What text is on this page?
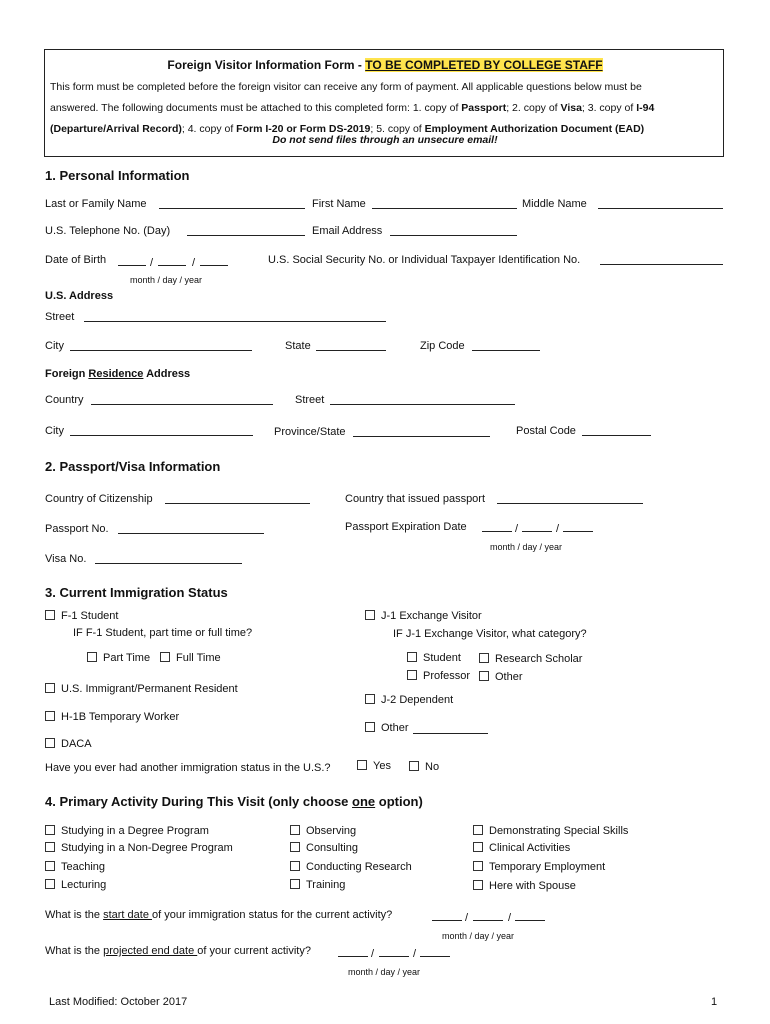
Foreign Visitor Information Form - TO BE COMPLETED BY COLLEGE STAFF
This form must be completed before the foreign visitor can receive any form of payment. All applicable questions below must be
answered. The following documents must be attached to this completed form: 1. copy of Passport; 2. copy of Visa; 3. copy of I-94
(Departure/Arrival Record); 4. copy of Form I-20 or Form DS-2019; 5. copy of Employment Authorization Document (EAD)
Do not send files through an unsecure email!
1. Personal Information
Last or Family Name	First Name	Middle Name
U.S. Telephone No. (Day)	Email Address
Date of Birth	/	/
month / day / year
U.S. Social Security No. or Individual Taxpayer Identification No.
U.S. Address
Street
City	State	Zip Code
Foreign Residence Address
Country	Street
City	Province/State	Postal Code
2. Passport/Visa Information
Country of Citizenship	Country that issued passport
Passport No.	Passport Expiration Date	/	/
month / day / year
Visa No.
3. Current Immigration Status
F-1 Student
IF F-1 Student, part time or full time?
Part Time	Full Time
J-1 Exchange Visitor
IF J-1 Exchange Visitor, what category?
Student	Research Scholar
Professor	Other
U.S. Immigrant/Permanent Resident
J-2 Dependent
H-1B Temporary Worker
Other
DACA
Have you ever had another immigration status in the U.S.?	Yes	No
4. Primary Activity During This Visit (only choose one option)
Studying in a Degree Program
Studying in a Non-Degree Program
Teaching
Lecturing
Observing
Consulting
Conducting Research
Training
Demonstrating Special Skills
Clinical Activities
Temporary Employment
Here with Spouse
What is the start date of your immigration status for the current activity?	/	/
month / day / year
What is the projected end date of your current activity?	/	/
month / day / year
Last Modified: October 2017	1
